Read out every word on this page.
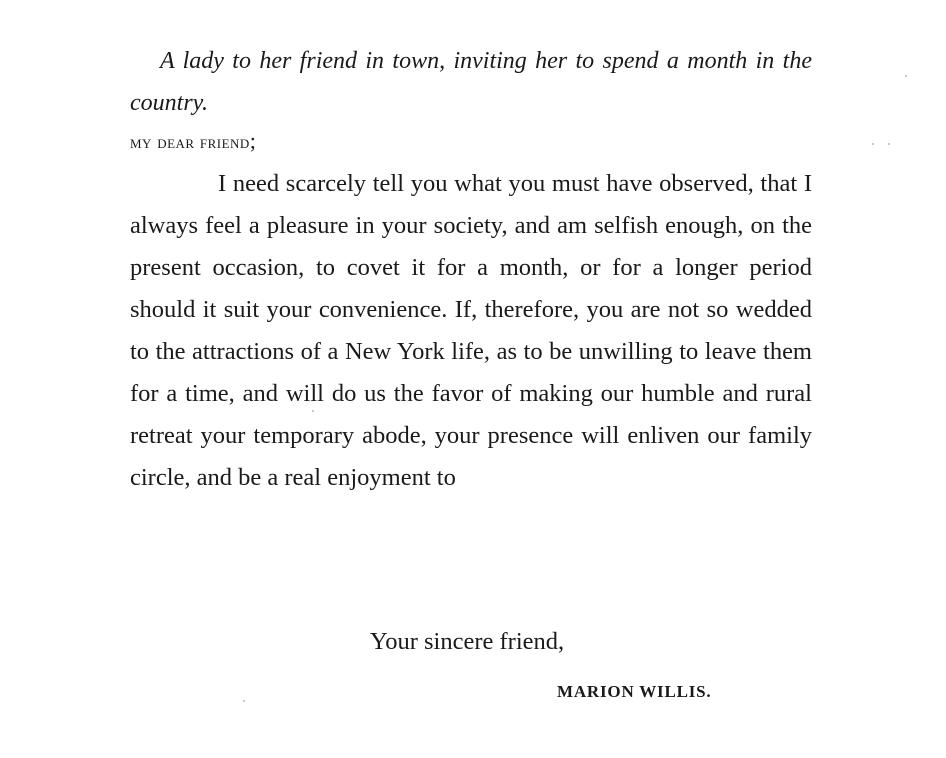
A lady to her friend in town, inviting her to spend a month in the country.
my dear friend;
I need scarcely tell you what you must have observed, that I always feel a pleasure in your society, and am selfish enough, on the present occasion, to covet it for a month, or for a longer period should it suit your convenience. If, therefore, you are not so wedded to the attractions of a New York life, as to be unwilling to leave them for a time, and will do us the favor of making our humble and rural retreat your temporary abode, your presence will enliven our family circle, and be a real enjoyment to
Your sincere friend,
MARION WILLIS.
